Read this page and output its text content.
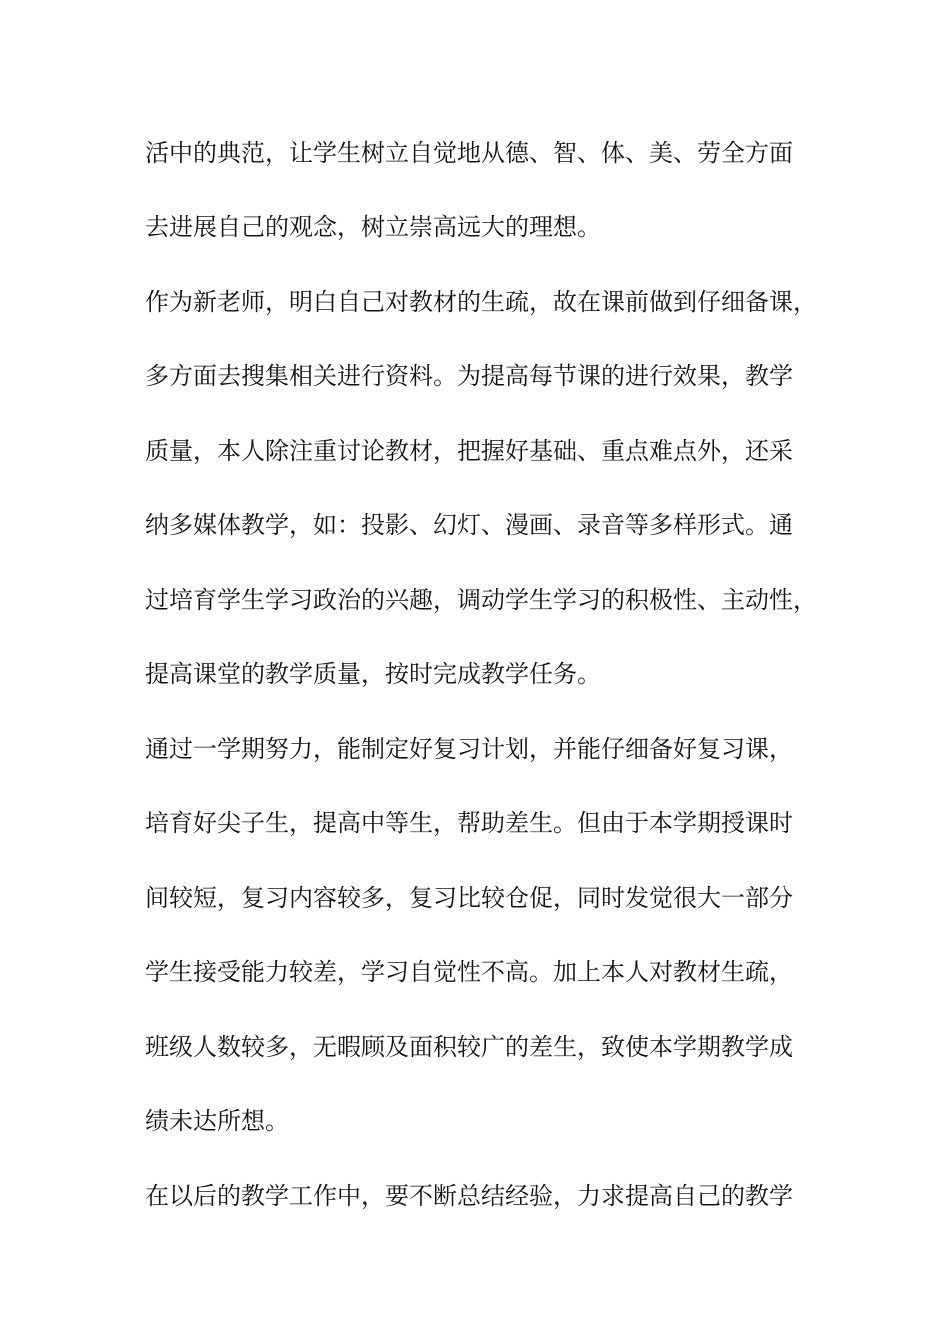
活中的典范，让学生树立自觉地从德、智、体、美、劳全方面
去进展自己的观念，树立崇高远大的理想。
作为新老师，明白自己对教材的生疏，故在课前做到仔细备课，
多方面去搜集相关进行资料。为提高每节课的进行效果，教学
质量，本人除注重讨论教材，把握好基础、重点难点外，还采
纳多媒体教学，如：投影、幻灯、漫画、录音等多样形式。通
过培育学生学习政治的兴趣，调动学生学习的积极性、主动性，
提高课堂的教学质量，按时完成教学任务。
通过一学期努力，能制定好复习计划，并能仔细备好复习课，
培育好尖子生，提高中等生，帮助差生。但由于本学期授课时
间较短，复习内容较多，复习比较仓促，同时发觉很大一部分
学生接受能力较差，学习自觉性不高。加上本人对教材生疏，
班级人数较多，无暇顾及面积较广的差生，致使本学期教学成
绩未达所想。
在以后的教学工作中，要不断总结经验，力求提高自己的教学
